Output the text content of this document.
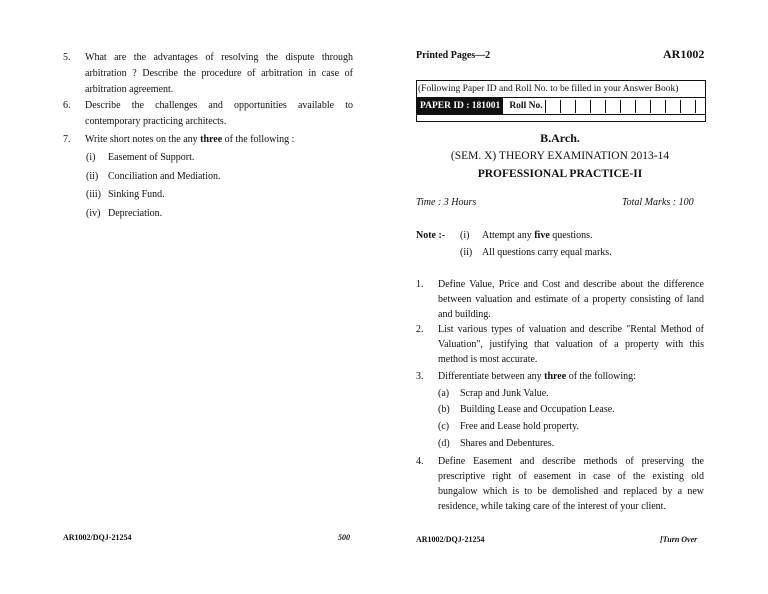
5.	What are the advantages of resolving the dispute through arbitration ? Describe the procedure of arbitration in case of arbitration agreement.
6.	Describe the challenges and opportunities available to contemporary practicing architects.
7.	Write short notes on the any three of the following :
(i) Easement of Support.
(ii) Conciliation and Mediation.
(iii) Sinking Fund.
(iv) Depreciation.
AR1002/DQJ-21254	500
Printed Pages—2	AR1002
(Following Paper ID and Roll No. to be filled in your Answer Book)
PAPER ID : 181001 Roll No.
B.Arch.
(SEM. X) THEORY EXAMINATION 2013-14
PROFESSIONAL PRACTICE-II
Time : 3 Hours	Total Marks : 100
Note :- (i) Attempt any five questions.
(ii) All questions carry equal marks.
1.	Define Value, Price and Cost and describe about the difference between valuation and estimate of a property consisting of land and building.
2.	List various types of valuation and describe "Rental Method of Valuation", justifying that valuation of a property with this method is most accurate.
3.	Differentiate between any three of the following:
(a) Scrap and Junk Value.
(b) Building Lease and Occupation Lease.
(c) Free and Lease hold property.
(d) Shares and Debentures.
4.	Define Easement and describe methods of preserving the prescriptive right of easement in case of the existing old bungalow which is to be demolished and replaced by a new residence, while taking care of the interest of your client.
AR1002/DQJ-21254	[Turn Over
